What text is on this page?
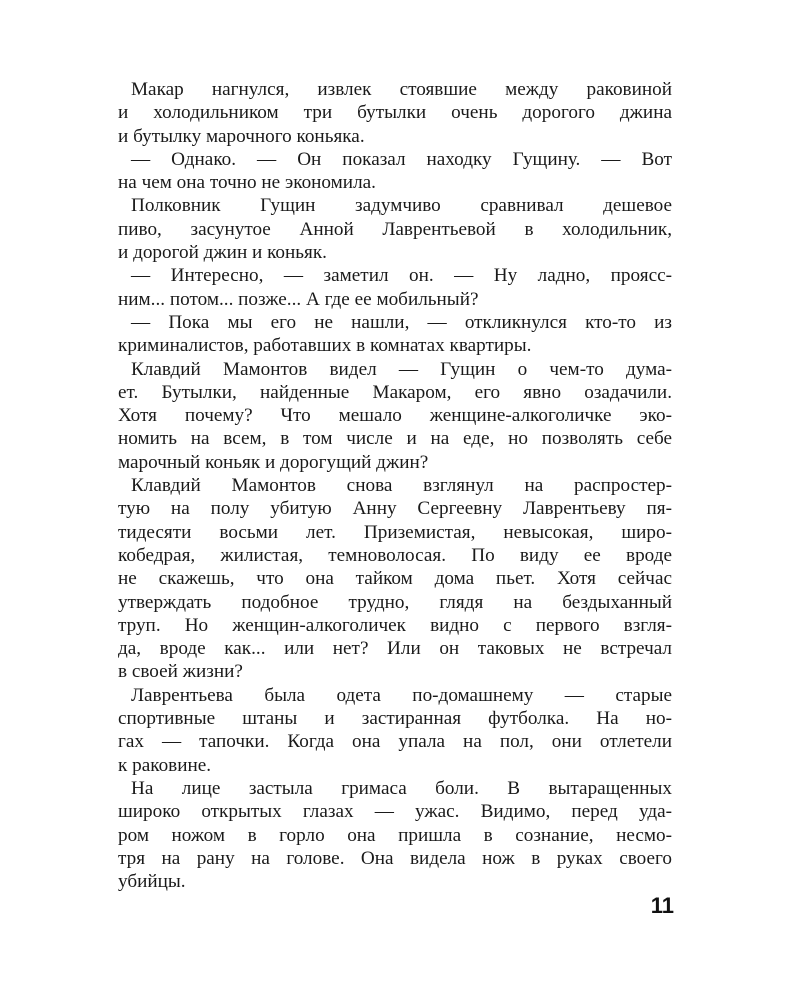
Макар нагнулся, извлек стоявшие между раковиной
и холодильником три бутылки очень дорогого джина
и бутылку марочного коньяка.

— Однако. — Он показал находку Гущину. — Вот
на чем она точно не экономила.

Полковник Гущин задумчиво сравнивал дешевое
пиво, засунутое Анной Лаврентьевой в холодильник,
и дорогой джин и коньяк.

— Интересно, — заметил он. — Ну ладно, проясс-
ним... потом... позже... А где ее мобильный?

— Пока мы его не нашли, — откликнулся кто-то из
криминалистов, работавших в комнатах квартиры.

Клавдий Мамонтов видел — Гущин о чем-то дума-
ет. Бутылки, найденные Макаром, его явно озадачили.
Хотя почему? Что мешало женщине-алкоголичке эко-
номить на всем, в том числе и на еде, но позволять себе
марочный коньяк и дорогущий джин?

Клавдий Мамонтов снова взглянул на распростер-
тую на полу убитую Анну Сергеевну Лаврентьеву пя-
тидесяти восьми лет. Приземистая, невысокая, широ-
кобедрая, жилистая, темноволосая. По виду ее вроде
не скажешь, что она тайком дома пьет. Хотя сейчас
утверждать подобное трудно, глядя на бездыханный
труп. Но женщин-алкоголичек видно с первого взгля-
да, вроде как... или нет? Или он таковых не встречал
в своей жизни?

Лаврентьева была одета по-домашнему — старые
спортивные штаны и застиранная футболка. На но-
гах — тапочки. Когда она упала на пол, они отлетели
к раковине.

На лице застыла гримаса боли. В вытаращенных
широко открытых глазах — ужас. Видимо, перед уда-
ром ножом в горло она пришла в сознание, несмо-
тря на рану на голове. Она видела нож в руках своего
убийцы.

11
